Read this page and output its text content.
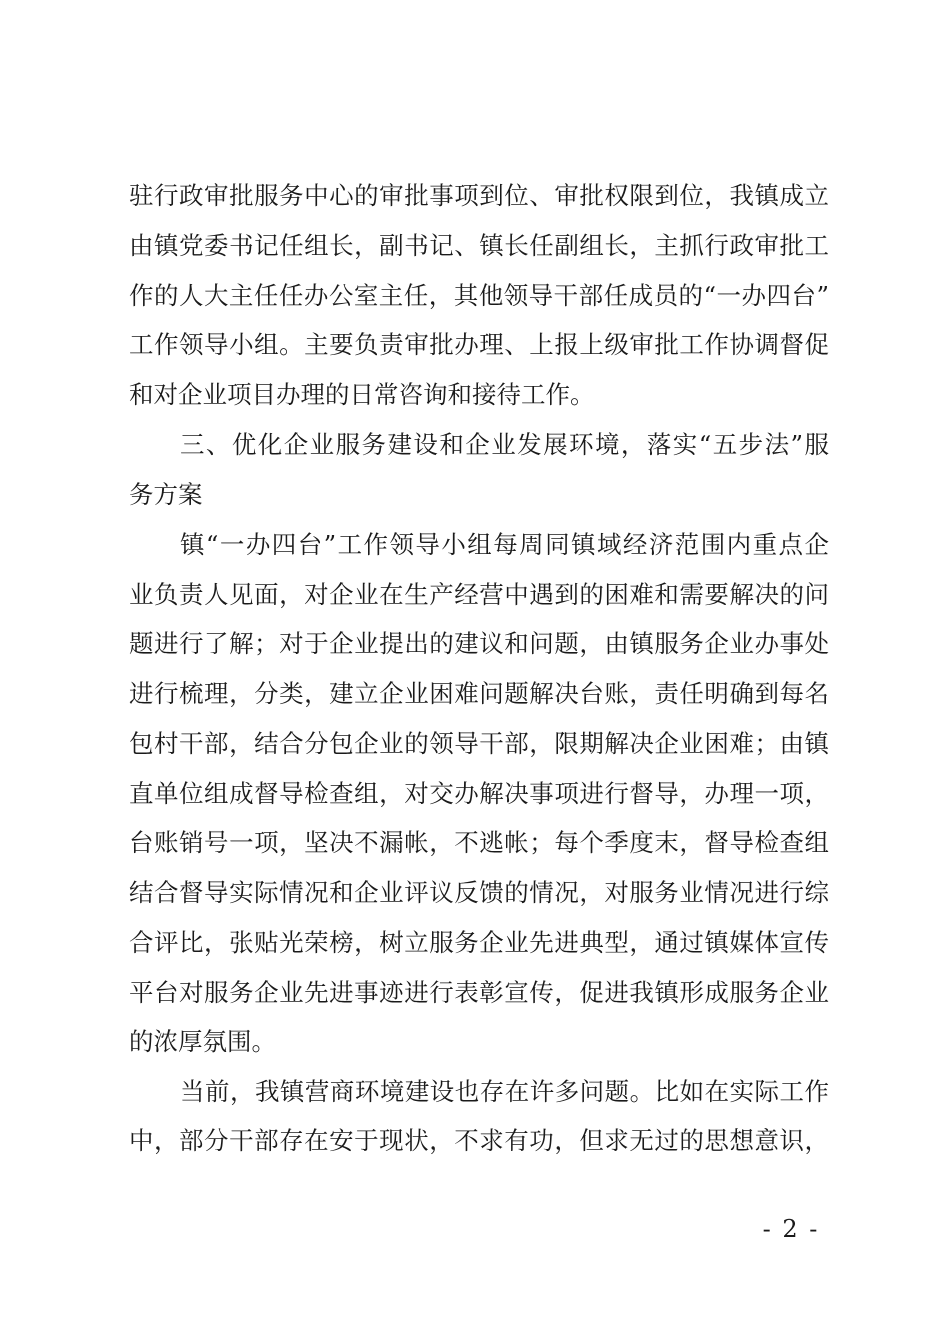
驻行政审批服务中心的审批事项到位、审批权限到位，我镇成立
由镇党委书记任组长，副书记、镇长任副组长，主抓行政审批工
作的人大主任任办公室主任，其他领导干部任成员的“一办四台”
工作领导小组。主要负责审批办理、上报上级审批工作协调督促
和对企业项目办理的日常咨询和接待工作。
三、优化企业服务建设和企业发展环境，落实“五步法”服
务方案
镇“一办四台”工作领导小组每周同镇域经济范围内重点企
业负责人见面，对企业在生产经营中遇到的困难和需要解决的问
题进行了解；对于企业提出的建议和问题，由镇服务企业办事处
进行梳理，分类，建立企业困难问题解决台账，责任明确到每名
包村干部，结合分包企业的领导干部，限期解决企业困难；由镇
直单位组成督导检查组，对交办解决事项进行督导，办理一项，
台账销号一项，坚决不漏帐，不逃帐；每个季度末，督导检查组
结合督导实际情况和企业评议反馈的情况，对服务业情况进行综
合评比，张贴光荣榜，树立服务企业先进典型，通过镇媒体宣传
平台对服务企业先进事迹进行表彰宣传，促进我镇形成服务企业
的浓厚氛围。
当前，我镇营商环境建设也存在许多问题。比如在实际工作
中，部分干部存在安于现状，不求有功，但求无过的思想意识，
- 2 -
